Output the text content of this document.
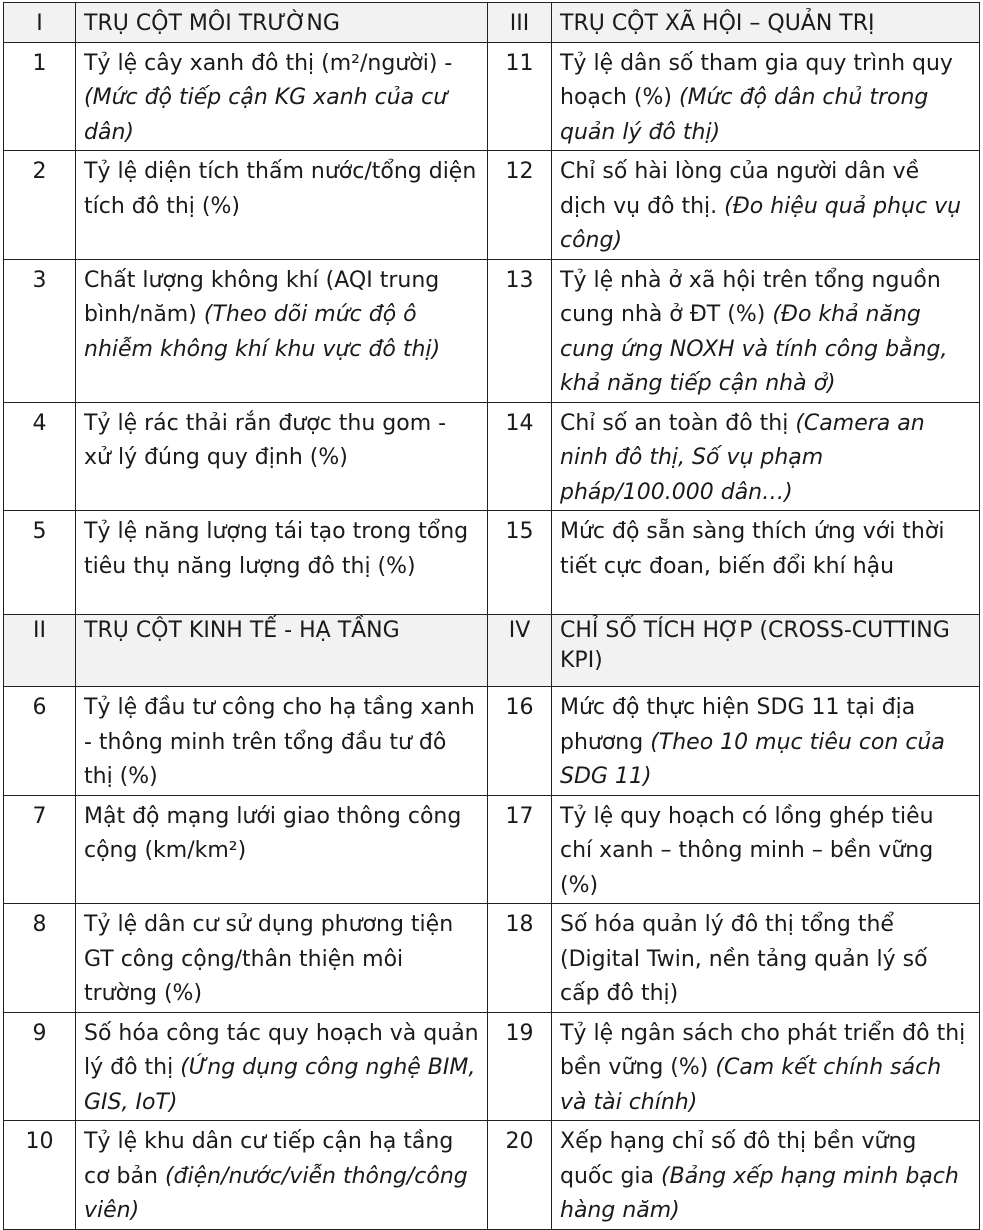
I	TRỤ CỘT MÔI TRƯỜNG	III	TRỤ CỘT XÃ HỘI – QUẢN TRỊ
1	Tỷ lệ cây xanh đô thị (m²/người) - (Mức độ tiếp cận KG xanh của cư dân)	11	Tỷ lệ dân số tham gia quy trình quy hoạch (%) (Mức độ dân chủ trong quản lý đô thị)
2	Tỷ lệ diện tích thấm nước/tổng diện tích đô thị (%)	12	Chỉ số hài lòng của người dân về dịch vụ đô thị. (Đo hiệu quả phục vụ công)
3	Chất lượng không khí (AQI trung bình/năm) (Theo dõi mức độ ô nhiễm không khí khu vực đô thị)	13	Tỷ lệ nhà ở xã hội trên tổng nguồn cung nhà ở ĐT (%) (Đo khả năng cung ứng NOXH và tính công bằng, khả năng tiếp cận nhà ở)
4	Tỷ lệ rác thải rắn được thu gom - xử lý đúng quy định (%)	14	Chỉ số an toàn đô thị (Camera an ninh đô thị, Số vụ phạm pháp/100.000 dân…)
5	Tỷ lệ năng lượng tái tạo trong tổng tiêu thụ năng lượng đô thị (%)	15	Mức độ sẵn sàng thích ứng với thời tiết cực đoan, biến đổi khí hậu
II	TRỤ CỘT KINH TẾ - HẠ TẦNG	IV	CHỈ SỐ TÍCH HỢP (CROSS-CUTTING KPI)
6	Tỷ lệ đầu tư công cho hạ tầng xanh - thông minh trên tổng đầu tư đô thị (%)	16	Mức độ thực hiện SDG 11 tại địa phương (Theo 10 mục tiêu con của SDG 11)
7	Mật độ mạng lưới giao thông công cộng (km/km²)	17	Tỷ lệ quy hoạch có lồng ghép tiêu chí xanh – thông minh – bền vững (%)
8	Tỷ lệ dân cư sử dụng phương tiện GT công cộng/thân thiện môi trường (%)	18	Số hóa quản lý đô thị tổng thể (Digital Twin, nền tảng quản lý số cấp đô thị)
9	Số hóa công tác quy hoạch và quản lý đô thị (Ứng dụng công nghệ BIM, GIS, IoT)	19	Tỷ lệ ngân sách cho phát triển đô thị bền vững (%) (Cam kết chính sách và tài chính)
10	Tỷ lệ khu dân cư tiếp cận hạ tầng cơ bản (điện/nước/viễn thông/công viên)	20	Xếp hạng chỉ số đô thị bền vững quốc gia (Bảng xếp hạng minh bạch hàng năm)
